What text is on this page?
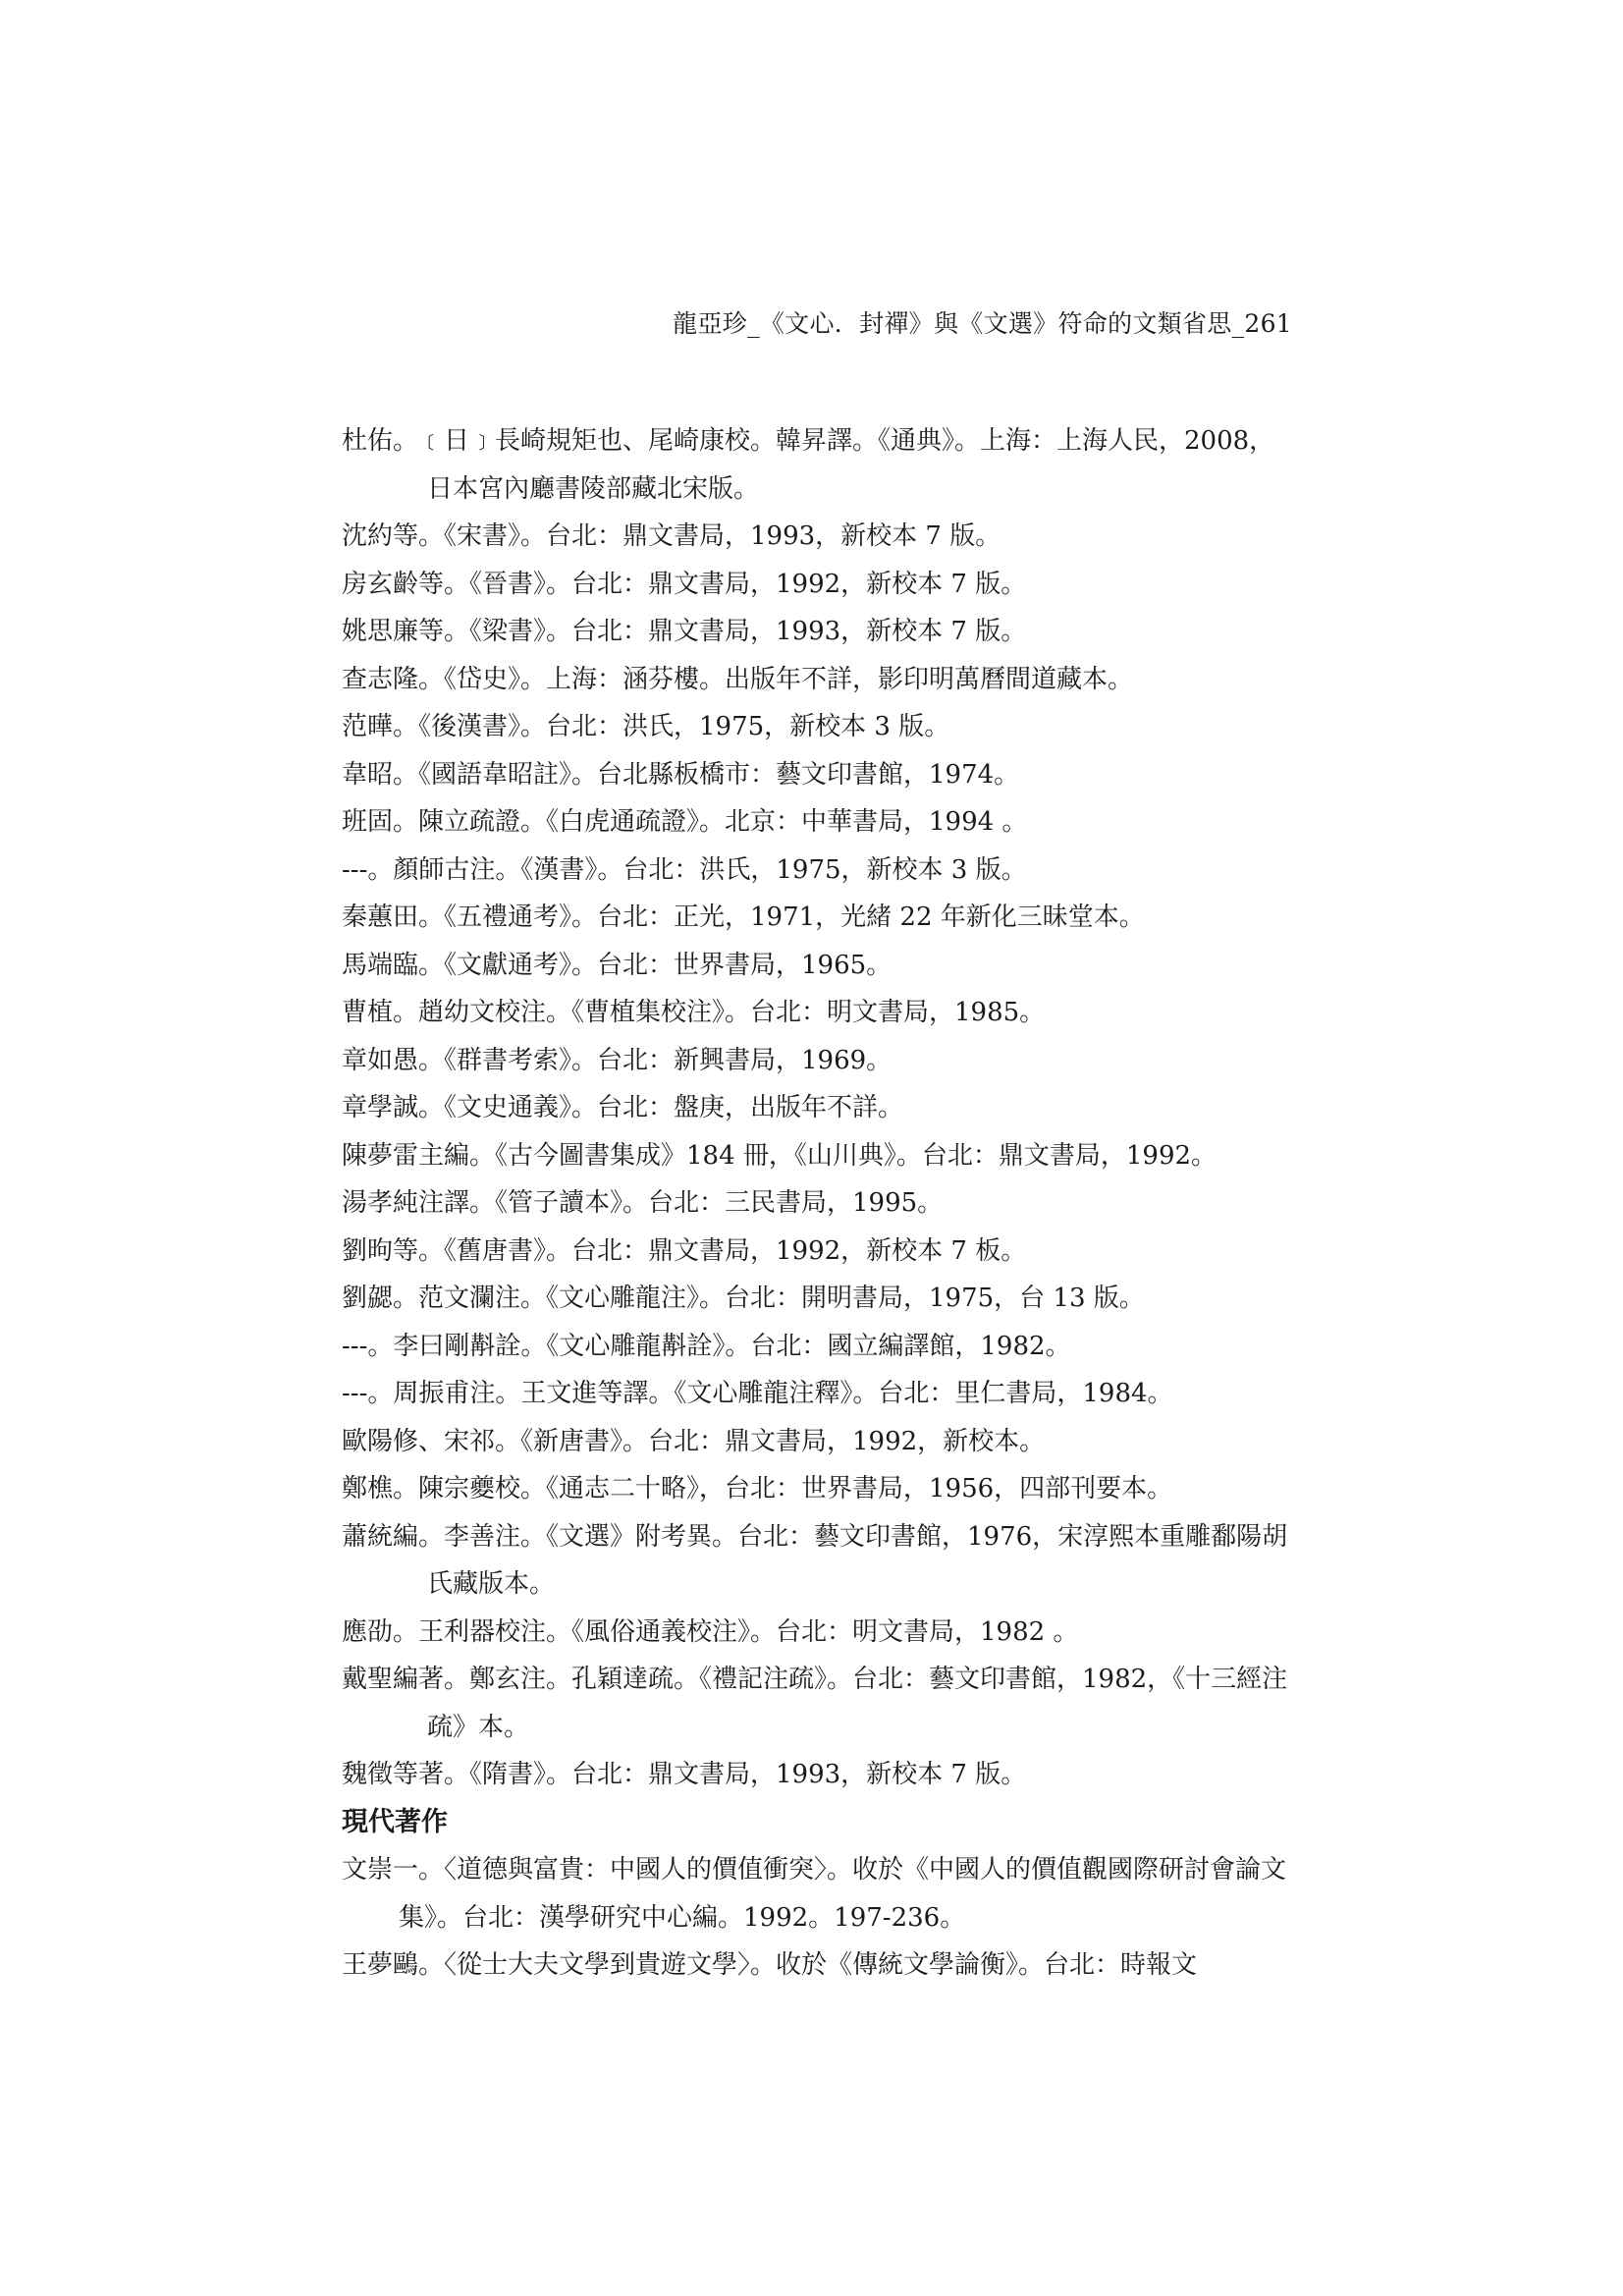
龍亞珍_《文心．封禪》與《文選》符命的文類省思_261

杜佑。﹝日﹞長崎規矩也、尾崎康校。韓昇譯。《通典》。上海：上海人民，2008，日本宮內廳書陵部藏北宋版。

沈約等。《宋書》。台北：鼎文書局，1993，新校本 7 版。

房玄齡等。《晉書》。台北：鼎文書局，1992，新校本 7 版。

姚思廉等。《梁書》。台北：鼎文書局，1993，新校本 7 版。

查志隆。《岱史》。上海：涵芬樓。出版年不詳，影印明萬曆間道藏本。

范曄。《後漢書》。台北：洪氏，1975，新校本 3 版。

韋昭。《國語韋昭註》。台北縣板橋市：藝文印書館，1974。

班固。陳立疏證。《白虎通疏證》。北京：中華書局，1994 。

---。顏師古注。《漢書》。台北：洪氏，1975，新校本 3 版。

秦蕙田。《五禮通考》。台北：正光，1971，光緒 22 年新化三昧堂本。

馬端臨。《文獻通考》。台北：世界書局，1965。

曹植。趙幼文校注。《曹植集校注》。台北：明文書局，1985。

章如愚。《群書考索》。台北：新興書局，1969。

章學誠。《文史通義》。台北：盤庚，出版年不詳。

陳夢雷主編。《古今圖書集成》184 冊，《山川典》。台北：鼎文書局，1992。

湯孝純注譯。《管子讀本》。台北：三民書局，1995。

劉昫等。《舊唐書》。台北：鼎文書局，1992，新校本 7 板。

劉勰。范文瀾注。《文心雕龍注》。台北：開明書局，1975，台 13 版。

---。李曰剛斠詮。《文心雕龍斠詮》。台北：國立編譯館，1982。

---。周振甫注。王文進等譯。《文心雕龍注釋》。台北：里仁書局，1984。

歐陽修、宋祁。《新唐書》。台北：鼎文書局，1992，新校本。

鄭樵。陳宗夔校。《通志二十略》，台北：世界書局，1956，四部刊要本。

蕭統編。李善注。《文選》附考異。台北：藝文印書館，1976，宋淳熙本重雕鄱陽胡氏藏版本。

應劭。王利器校注。《風俗通義校注》。台北：明文書局，1982 。

戴聖編著。鄭玄注。孔穎達疏。《禮記注疏》。台北：藝文印書館，1982，《十三經注疏》本。

魏徵等著。《隋書》。台北：鼎文書局，1993，新校本 7 版。

現代著作

文崇一。〈道德與富貴：中國人的價值衝突〉。收於《中國人的價值觀國際研討會論文集》。台北：漢學研究中心編。1992。197-236。

王夢鷗。〈從士大夫文學到貴遊文學〉。收於《傳統文學論衡》。台北：時報文
